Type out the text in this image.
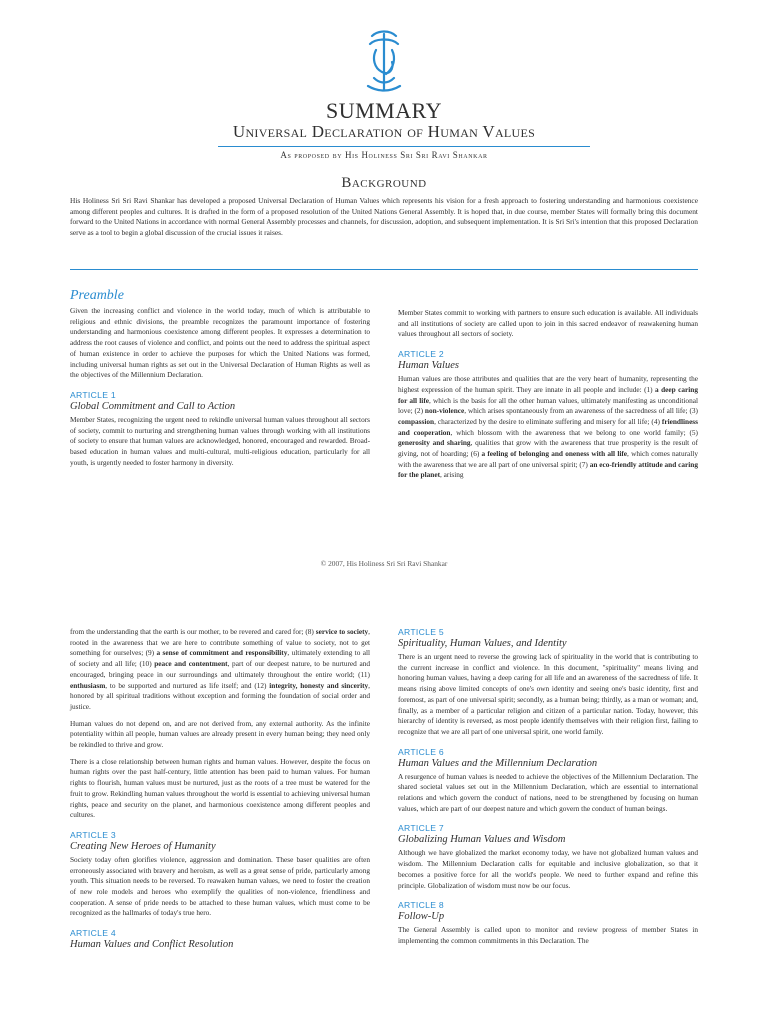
SUMMARY
Universal Declaration of Human Values
As proposed by His Holiness Sri Sri Ravi Shankar
Background
His Holiness Sri Sri Ravi Shankar has developed a proposed Universal Declaration of Human Values which represents his vision for a fresh approach to fostering understanding and harmonious coexistence among different peoples and cultures. It is drafted in the form of a proposed resolution of the United Nations General Assembly. It is hoped that, in due course, member States will formally bring this document forward to the United Nations in accordance with normal General Assembly processes and channels, for discussion, adoption, and subsequent implementation. It is Sri Sri's intention that this proposed Declaration serve as a tool to begin a global discussion of the crucial issues it raises.
Preamble

Given the increasing conflict and violence in the world today, much of which is attributable to religious and ethnic divisions, the preamble recognizes the paramount importance of fostering understanding and harmonious coexistence among different peoples. It expresses a determination to address the root causes of violence and conflict, and points out the need to address the spiritual aspect of human existence in order to achieve the purposes for which the United Nations was formed, including universal human rights as set out in the Universal Declaration of Human Rights as well as the objectives of the Millennium Declaration.

ARTICLE 1
Global Commitment and Call to Action

Member States, recognizing the urgent need to rekindle universal human values throughout all sectors of society, commit to nurturing and strengthening human values through working with all institutions of society to ensure that human values are acknowledged, honored, encouraged and rewarded. Broad-based education in human values and multi-cultural, multi-religious education, particularly for all youth, is urgently needed to foster harmony in diversity.

Member States commit to working with partners to ensure such education is available. All individuals and all institutions of society are called upon to join in this sacred endeavor of reawakening human values throughout all sectors of society.

ARTICLE 2
Human Values

Human values are those attributes and qualities that are the very heart of humanity, representing the highest expression of the human spirit. They are innate in all people and include: (1) a deep caring for all life, which is the basis for all the other human values, ultimately manifesting as unconditional love; (2) non-violence, which arises spontaneously from an awareness of the sacredness of all life; (3) compassion, characterized by the desire to eliminate suffering and misery for all life; (4) friendliness and cooperation, which blossom with the awareness that we belong to one world family; (5) generosity and sharing, qualities that grow with the awareness that true prosperity is the result of giving, not of hoarding; (6) a feeling of belonging and oneness with all life, which comes naturally with the awareness that we are all part of one universal spirit; (7) an eco-friendly attitude and caring for the planet, arising

© 2007, His Holiness Sri Sri Ravi Shankar

from the understanding that the earth is our mother, to be revered and cared for; (8) service to society, rooted in the awareness that we are here to contribute something of value to society, not to get something for ourselves; (9) a sense of commitment and responsibility, ultimately extending to all of society and all life; (10) peace and contentment, part of our deepest nature, to be nurtured and encouraged, bringing peace in our surroundings and ultimately throughout the entire world; (11) enthusiasm, to be supported and nurtured as life itself; and (12) integrity, honesty and sincerity, honored by all spiritual traditions without exception and forming the foundation of social order and justice.

Human values do not depend on, and are not derived from, any external authority. As the infinite potentiality within all people, human values are already present in every human being; they need only be rekindled to thrive and grow.

There is a close relationship between human rights and human values. However, despite the focus on human rights over the past half-century, little attention has been paid to human values. For human rights to flourish, human values must be nurtured, just as the roots of a tree must be watered for the fruit to grow. Rekindling human values throughout the world is essential to achieving universal human rights, peace and security on the planet, and harmonious coexistence among different peoples and cultures.

ARTICLE 3
Creating New Heroes of Humanity

Society today often glorifies violence, aggression and domination. These baser qualities are often erroneously associated with bravery and heroism, as well as a great sense of pride, particularly among youth. This situation needs to be reversed. To reawaken human values, we need to foster the creation of new role models and heroes who exemplify the qualities of non-violence, friendliness and cooperation. A sense of pride needs to be attached to these human values, which must come to be recognized as the hallmarks of today's true hero.

ARTICLE 4
Human Values and Conflict Resolution
ARTICLE 5
Spirituality, Human Values, and Identity

There is an urgent need to reverse the growing lack of spirituality in the world that is contributing to the current increase in conflict and violence. In this document, "spirituality" means living and honoring human values, having a deep caring for all life and an awareness of the sacredness of life. It means rising above limited concepts of one's own identity and seeing one's basic identity, first and foremost, as part of one universal spirit; secondly, as a human being; thirdly, as a man or woman; and, finally, as a member of a particular religion and citizen of a particular nation. Today, however, this hierarchy of identity is reversed, as most people identify themselves with their religion first, failing to recognize that we are all part of one universal spirit, one world family.

ARTICLE 6
Human Values and the Millennium Declaration

A resurgence of human values is needed to achieve the objectives of the Millennium Declaration. The shared societal values set out in the Millennium Declaration, which are essential to international relations and which govern the conduct of nations, need to be strengthened by focusing on human values, which are part of our deepest nature and which govern the conduct of human beings.

ARTICLE 7
Globalizing Human Values and Wisdom

Although we have globalized the market economy today, we have not globalized human values and wisdom. The Millennium Declaration calls for equitable and inclusive globalization, so that it becomes a positive force for all the world's people. We need to further expand and refine this principle. Globalization of wisdom must now be our focus.

ARTICLE 8
Follow-Up

The General Assembly is called upon to monitor and review progress of member States in implementing the common commitments in this Declaration. The
